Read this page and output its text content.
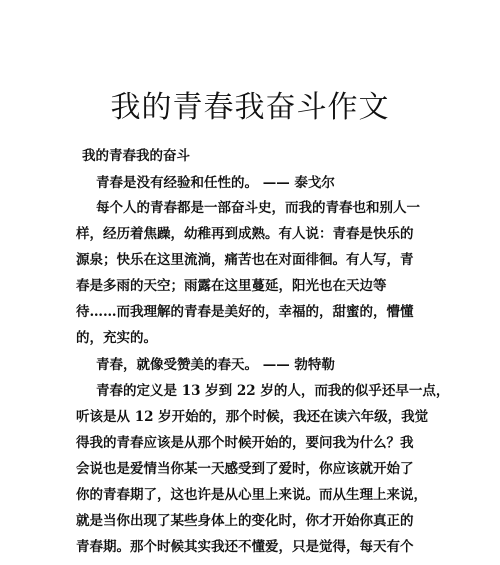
我的青春我奋斗作文

我的青春我的奋斗

青春是没有经验和任性的。 —— 泰戈尔

每个人的青春都是一部奋斗史，而我的青春也和别人一

样，经历着焦躁，幼稚再到成熟。有人说：青春是快乐的

源泉；快乐在这里流淌，痛苦也在对面徘徊。有人写，青

春是多雨的天空；雨露在这里蔓延，阳光也在天边等

待……而我理解的青春是美好的，幸福的，甜蜜的，懵懂

的，充实的。

青春，就像受赞美的春天。 —— 勃特勒

青春的定义是 13 岁到 22 岁的人，而我的似乎还早一点，

听该是从 12 岁开始的，那个时候，我还在读六年级，我觉

得我的青春应该是从那个时候开始的，要问我为什么？我

会说也是爱情当你某一天感受到了爱时，你应该就开始了

你的青春期了，这也许是从心里上来说。而从生理上来说，

就是当你出现了某些身体上的变化时，你才开始你真正的

青春期。那个时候其实我还不懂爱，只是觉得，每天有个
